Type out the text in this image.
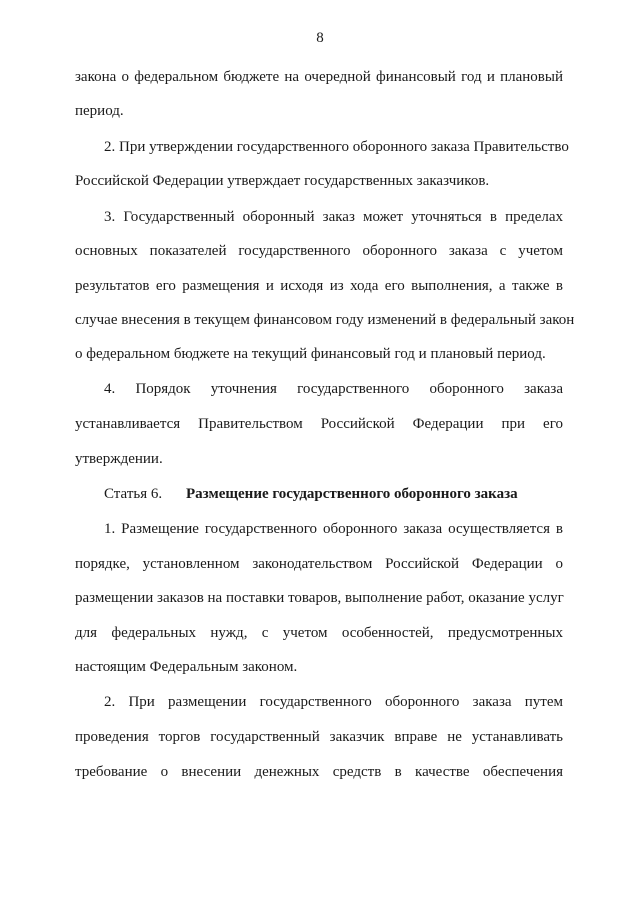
8
закона о федеральном бюджете на очередной финансовый год и плановый
период.
2. При утверждении государственного оборонного заказа Правительство
Российской Федерации утверждает государственных заказчиков.
3. Государственный оборонный заказ может уточняться в пределах
основных показателей государственного оборонного заказа с учетом
результатов его размещения и исходя из хода его выполнения, а также в
случае внесения в текущем финансовом году изменений в федеральный закон
о федеральном бюджете на текущий финансовый год и плановый период.
4. Порядок уточнения государственного оборонного заказа
устанавливается Правительством Российской Федерации при его
утверждении.
Статья 6. Размещение государственного оборонного заказа
1. Размещение государственного оборонного заказа осуществляется в
порядке, установленном законодательством Российской Федерации о
размещении заказов на поставки товаров, выполнение работ, оказание услуг
для федеральных нужд, с учетом особенностей, предусмотренных
настоящим Федеральным законом.
2. При размещении государственного оборонного заказа путем
проведения торгов государственный заказчик вправе не устанавливать
требование о внесении денежных средств в качестве обеспечения
